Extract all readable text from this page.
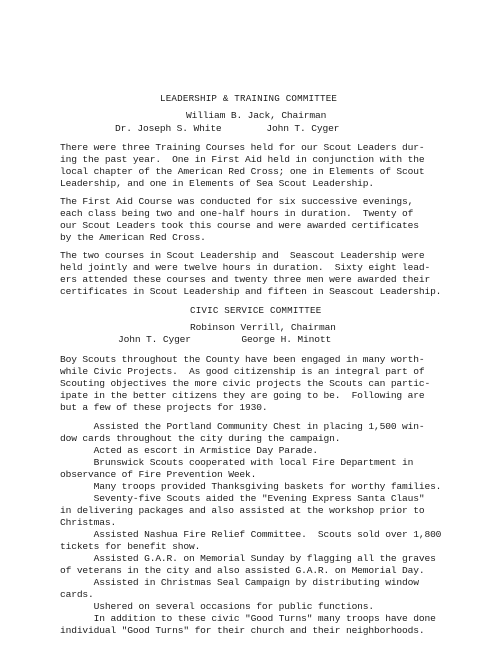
LEADERSHIP & TRAINING COMMITTEE
William B. Jack, Chairman
Dr. Joseph S. White        John T. Cyger
There were three Training Courses held for our Scout Leaders dur-
ing the past year.  One in First Aid held in conjunction with the
local chapter of the American Red Cross; one in Elements of Scout
Leadership, and one in Elements of Sea Scout Leadership.
The First Aid Course was conducted for six successive evenings,
each class being two and one-half hours in duration.  Twenty of
our Scout Leaders took this course and were awarded certificates
by the American Red Cross.
The two courses in Scout Leadership and  Seascout Leadership were
held jointly and were twelve hours in duration.  Sixty eight lead-
ers attended these courses and twenty three men were awarded their
certificates in Scout Leadership and fifteen in Seascout Leadership.
CIVIC SERVICE COMMITTEE
Robinson Verrill, Chairman
John T. Cyger         George H. Minott
Boy Scouts throughout the County have been engaged in many worth-
while Civic Projects.  As good citizenship is an integral part of
Scouting objectives the more civic projects the Scouts can partic-
ipate in the better citizens they are going to be.  Following are
but a few of these projects for 1930.
Assisted the Portland Community Chest in placing 1,500 win-
dow cards throughout the city during the campaign.
Acted as escort in Armistice Day Parade.
Brunswick Scouts cooperated with local Fire Department in
observance of Fire Prevention Week.
Many troops provided Thanksgiving baskets for worthy families.
Seventy-five Scouts aided the "Evening Express Santa Claus"
in delivering packages and also assisted at the workshop prior to
Christmas.
Assisted Nashua Fire Relief Committee.  Scouts sold over 1,800
tickets for benefit show.
Assisted G.A.R. on Memorial Sunday by flagging all the graves
of veterans in the city and also assisted G.A.R. on Memorial Day.
Assisted in Christmas Seal Campaign by distributing window
cards.
Ushered on several occasions for public functions.
In addition to these civic "Good Turns" many troops have done
individual "Good Turns" for their church and their neighborhoods.
